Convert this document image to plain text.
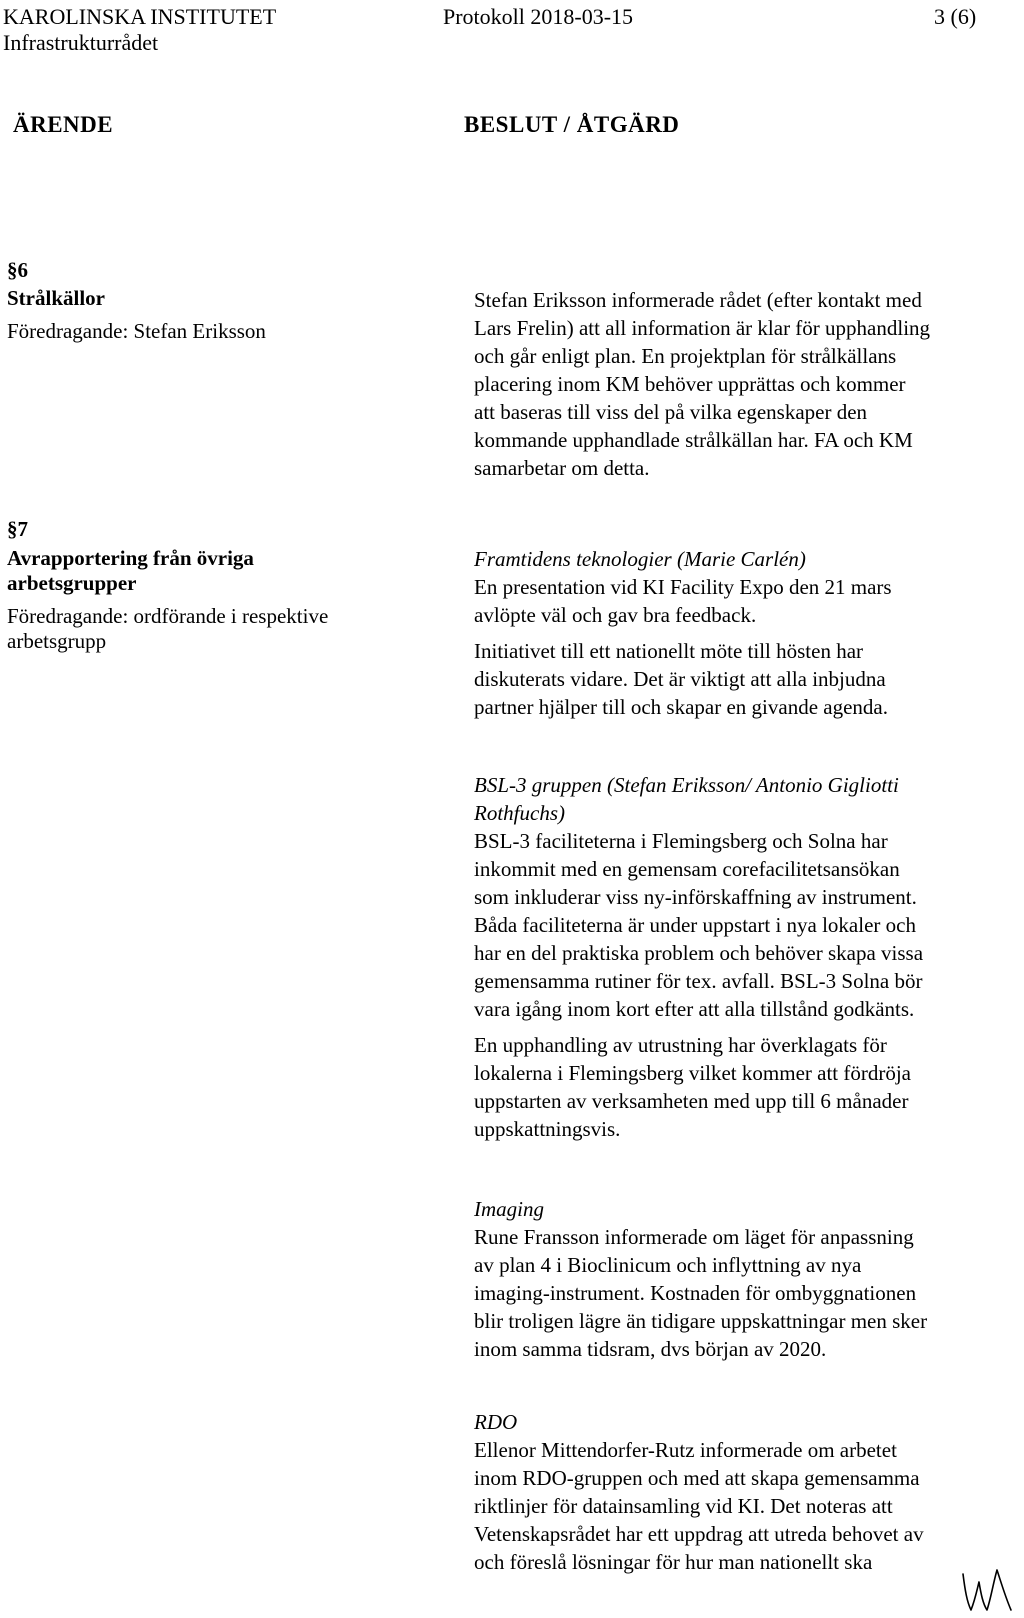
KAROLINSKA INSTITUTET
Infrastrukturrådet
Protokoll 2018-03-15	3 (6)
ÄRENDE	BESLUT / ÅTGÄRD
§6
Strålkällor
Föredragande: Stefan Eriksson
Stefan Eriksson informerade rådet (efter kontakt med
Lars Frelin) att all information är klar för upphandling
och går enligt plan. En projektplan för strålkällans
placering inom KM behöver upprättas och kommer
att baseras till viss del på vilka egenskaper den
kommande upphandlade strålkällan har. FA och KM
samarbetar om detta.
§7
Avrapportering från övriga
arbetsgrupper
Föredragande: ordförande i respektive
arbetsgrupp
Framtidens teknologier (Marie Carlén)
En presentation vid KI Facility Expo den 21 mars
avlöpte väl och gav bra feedback.
Initiativet till ett nationellt möte till hösten har
diskuterats vidare. Det är viktigt att alla inbjudna
partner hjälper till och skapar en givande agenda.
BSL-3 gruppen (Stefan Eriksson/ Antonio Gigliotti
Rothfuchs)
BSL-3 faciliteterna i Flemingsberg och Solna har
inkommit med en gemensam corefacilitetsansökan
som inkluderar viss ny-införskaffning av instrument.
Båda faciliteterna är under uppstart i nya lokaler och
har en del praktiska problem och behöver skapa vissa
gemensamma rutiner för tex. avfall. BSL-3 Solna bör
vara igång inom kort efter att alla tillstånd godkänts.
En upphandling av utrustning har överklagats för
lokalerna i Flemingsberg vilket kommer att fördröja
uppstarten av verksamheten med upp till 6 månader
uppskattningsvis.
Imaging
Rune Fransson informerade om läget för anpassning
av plan 4 i Bioclinicum och inflyttning av nya
imaging-instrument. Kostnaden för ombyggnationen
blir troligen lägre än tidigare uppskattningar men sker
inom samma tidsram, dvs början av 2020.
RDO
Ellenor Mittendorfer-Rutz informerade om arbetet
inom RDO-gruppen och med att skapa gemensamma
riktlinjer för datainsamling vid KI. Det noteras att
Vetenskapsrådet har ett uppdrag att utreda behovet av
och föreslå lösningar för hur man nationellt ska
